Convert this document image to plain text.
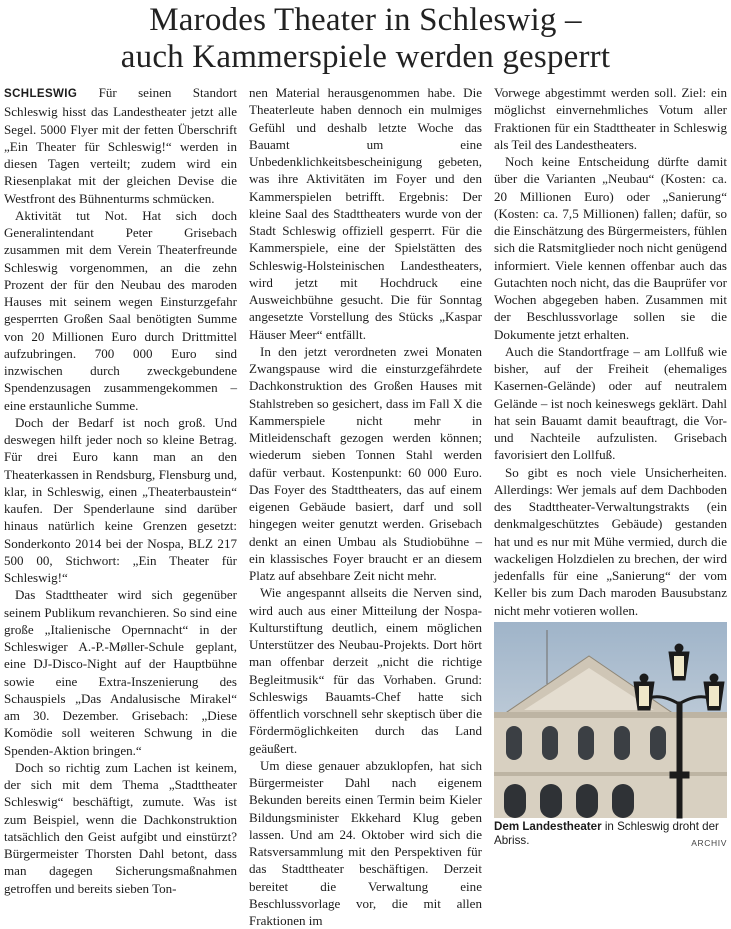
Marodes Theater in Schleswig –
auch Kammerspiele werden gesperrt

SCHLESWIG Für seinen Standort Schleswig hisst das Landestheater jetzt alle Segel. 5000 Flyer mit der fetten Überschrift „Ein Theater für Schleswig!“ werden in diesen Tagen verteilt; zudem wird ein Riesenplakat mit der gleichen Devise die Westfront des Bühnenturms schmücken.

Aktivität tut Not. Hat sich doch Generalintendant Peter Grisebach zusammen mit dem Verein Theaterfreunde Schleswig vorgenommen, an die zehn Prozent der für den Neubau des maroden Hauses mit seinem wegen Einsturzgefahr gesperrten Großen Saal benötigten Summe von 20 Millionen Euro durch Drittmittel aufzubringen. 700 000 Euro sind inzwischen durch zweckgebundene Spendenzusagen zusammengekommen – eine erstaunliche Summe.

Doch der Bedarf ist noch groß. Und deswegen hilft jeder noch so kleine Betrag. Für drei Euro kann man an den Theaterkassen in Rendsburg, Flensburg und, klar, in Schleswig, einen „Theaterbaustein“ kaufen. Der Spenderlaune sind darüber hinaus natürlich keine Grenzen gesetzt: Sonderkonto 2014 bei der Nospa, BLZ 217 500 00, Stichwort: „Ein Theater für Schleswig!“

Das Stadttheater wird sich gegenüber seinem Publikum revanchieren. So sind eine große „Italienische Opernnacht“ in der Schleswiger A.-P.-Møller-Schule geplant, eine DJ-Disco-Night auf der Hauptbühne sowie eine Extra-Inszenierung des Schauspiels „Das Andalusische Mirakel“ am 30. Dezember. Grisebach: „Diese Komödie soll weiteren Schwung in die Spenden-Aktion bringen.“

Doch so richtig zum Lachen ist keinem, der sich mit dem Thema „Stadttheater Schleswig“ beschäftigt, zumute. Was ist zum Beispiel, wenn die Dachkonstruktion tatsächlich den Geist aufgibt und einstürzt? Bürgermeister Thorsten Dahl betont, dass man dagegen Sicherungsmaßnahmen getroffen und bereits sieben Ton-

nen Material herausgenommen habe. Die Theaterleute haben dennoch ein mulmiges Gefühl und deshalb letzte Woche das Bauamt um eine Unbedenklichkeitsbescheinigung gebeten, was ihre Aktivitäten im Foyer und den Kammerspielen betrifft. Ergebnis: Der kleine Saal des Stadttheaters wurde von der Stadt Schleswig offiziell gesperrt. Für die Kammerspiele, eine der Spielstätten des Schleswig-Holsteinischen Landestheaters, wird jetzt mit Hochdruck eine Ausweichbühne gesucht. Die für Sonntag angesetzte Vorstellung des Stücks „Kaspar Häuser Meer“ entfällt.

In den jetzt verordneten zwei Monaten Zwangspause wird die einsturzgefährdete Dachkonstruktion des Großen Hauses mit Stahlstreben so gesichert, dass im Fall X die Kammerspiele nicht mehr in Mitleidenschaft gezogen werden können; wiederum sieben Tonnen Stahl werden dafür verbaut. Kostenpunkt: 60 000 Euro. Das Foyer des Stadttheaters, das auf einem eigenen Gebäude basiert, darf und soll hingegen weiter genutzt werden. Grisebach denkt an einen Umbau als Studiobühne – ein klassisches Foyer braucht er an diesem Platz auf absehbare Zeit nicht mehr.

Wie angespannt allseits die Nerven sind, wird auch aus einer Mitteilung der Nospa-Kulturstiftung deutlich, einem möglichen Unterstützer des Neubau-Projekts. Dort hört man offenbar derzeit „nicht die richtige Begleitmusik“ für das Vorhaben. Grund: Schleswigs Bauamts-Chef hatte sich öffentlich vorschnell sehr skeptisch über die Fördermöglichkeiten durch das Land geäußert.

Um diese genauer abzuklopfen, hat sich Bürgermeister Dahl nach eigenem Bekunden bereits einen Termin beim Kieler Bildungsminister Ekkehard Klug geben lassen. Und am 24. Oktober wird sich die Ratsversammlung mit den Perspektiven für das Stadttheater beschäftigen. Derzeit bereitet die Verwaltung eine Beschlussvorlage vor, die mit allen Fraktionen im

Vorwege abgestimmt werden soll. Ziel: ein möglichst einvernehmliches Votum aller Fraktionen für ein Stadttheater in Schleswig als Teil des Landestheaters.

Noch keine Entscheidung dürfte damit über die Varianten „Neubau“ (Kosten: ca. 20 Millionen Euro) oder „Sanierung“ (Kosten: ca. 7,5 Millionen) fallen; dafür, so die Einschätzung des Bürgermeisters, fühlen sich die Ratsmitglieder noch nicht genügend informiert. Viele kennen offenbar auch das Gutachten noch nicht, das die Bauprüfer vor Wochen abgegeben haben. Zusammen mit der Beschlussvorlage sollen sie die Dokumente jetzt erhalten.

Auch die Standortfrage – am Lollfuß wie bisher, auf der Freiheit (ehemaliges Kasernen-Gelände) oder auf neutralem Gelände – ist noch keineswegs geklärt. Dahl hat sein Bauamt damit beauftragt, die Vor- und Nachteile aufzulisten. Grisebach favorisiert den Lollfuß.

So gibt es noch viele Unsicherheiten. Allerdings: Wer jemals auf dem Dachboden des Stadttheater-Verwaltungstrakts (ein denkmalgeschütztes Gebäude) gestanden hat und es nur mit Mühe vermied, durch die wackeligen Holzdielen zu brechen, der wird jedenfalls für eine „Sanierung“ der vom Keller bis zum Dach maroden Bausubstanz nicht mehr votieren wollen.

Dem Landestheater in Schleswig droht der Abriss.	ARCHIV
